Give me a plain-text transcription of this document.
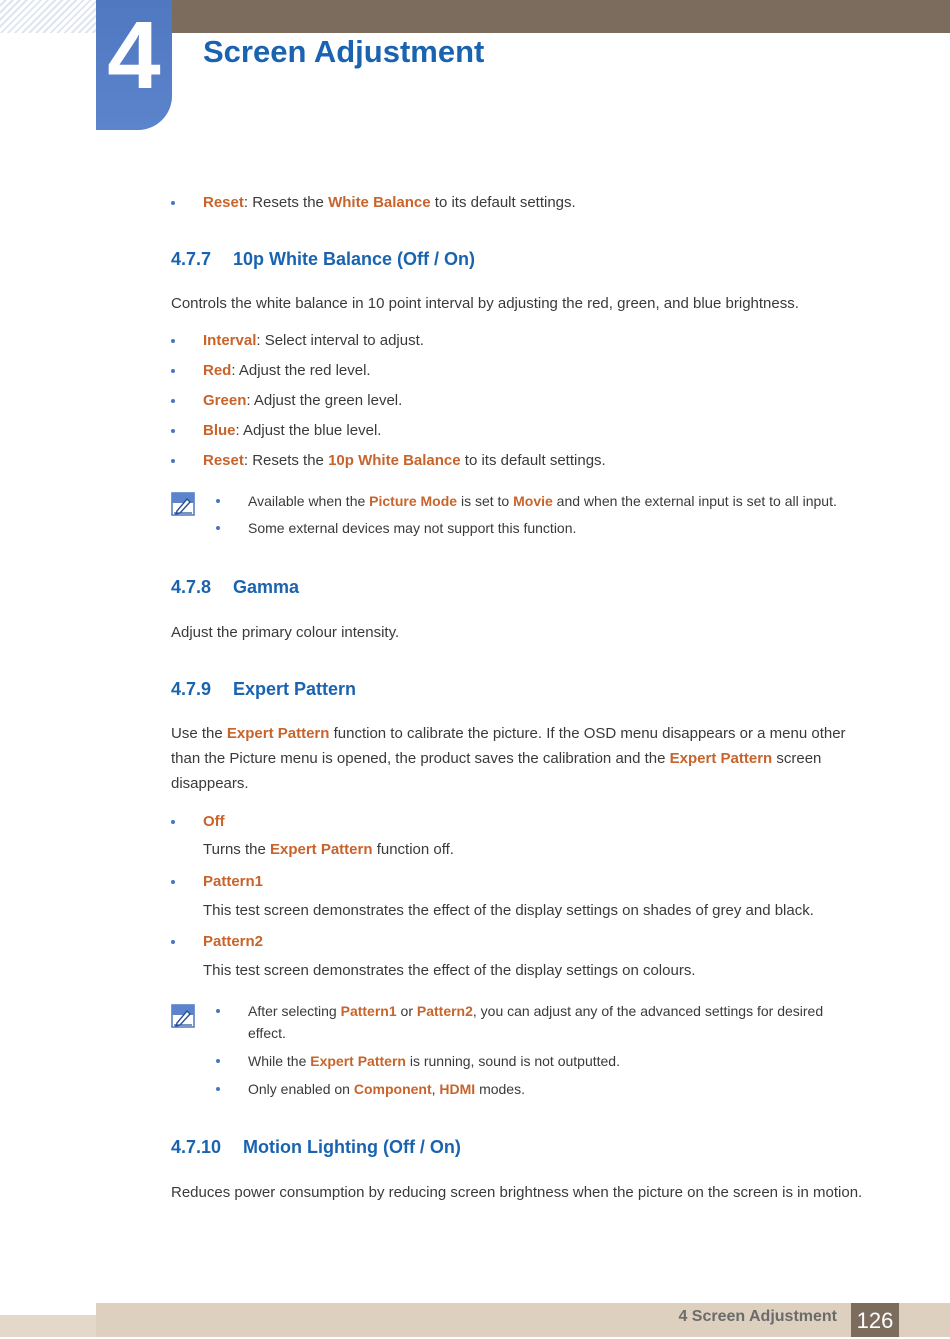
4	Screen Adjustment
Reset: Resets the White Balance to its default settings.
4.7.7 10p White Balance (Off / On)
Controls the white balance in 10 point interval by adjusting the red, green, and blue brightness.
Interval: Select interval to adjust.
Red: Adjust the red level.
Green: Adjust the green level.
Blue: Adjust the blue level.
Reset: Resets the 10p White Balance to its default settings.
Available when the Picture Mode is set to Movie and when the external input is set to all input.
Some external devices may not support this function.
4.7.8 Gamma
Adjust the primary colour intensity.
4.7.9 Expert Pattern
Use the Expert Pattern function to calibrate the picture. If the OSD menu disappears or a menu other than the Picture menu is opened, the product saves the calibration and the Expert Pattern screen disappears.
Off
Turns the Expert Pattern function off.
Pattern1
This test screen demonstrates the effect of the display settings on shades of grey and black.
Pattern2
This test screen demonstrates the effect of the display settings on colours.
After selecting Pattern1 or Pattern2, you can adjust any of the advanced settings for desired effect.
While the Expert Pattern is running, sound is not outputted.
Only enabled on Component, HDMI modes.
4.7.10 Motion Lighting (Off / On)
Reduces power consumption by reducing screen brightness when the picture on the screen is in motion.
4 Screen Adjustment 126
